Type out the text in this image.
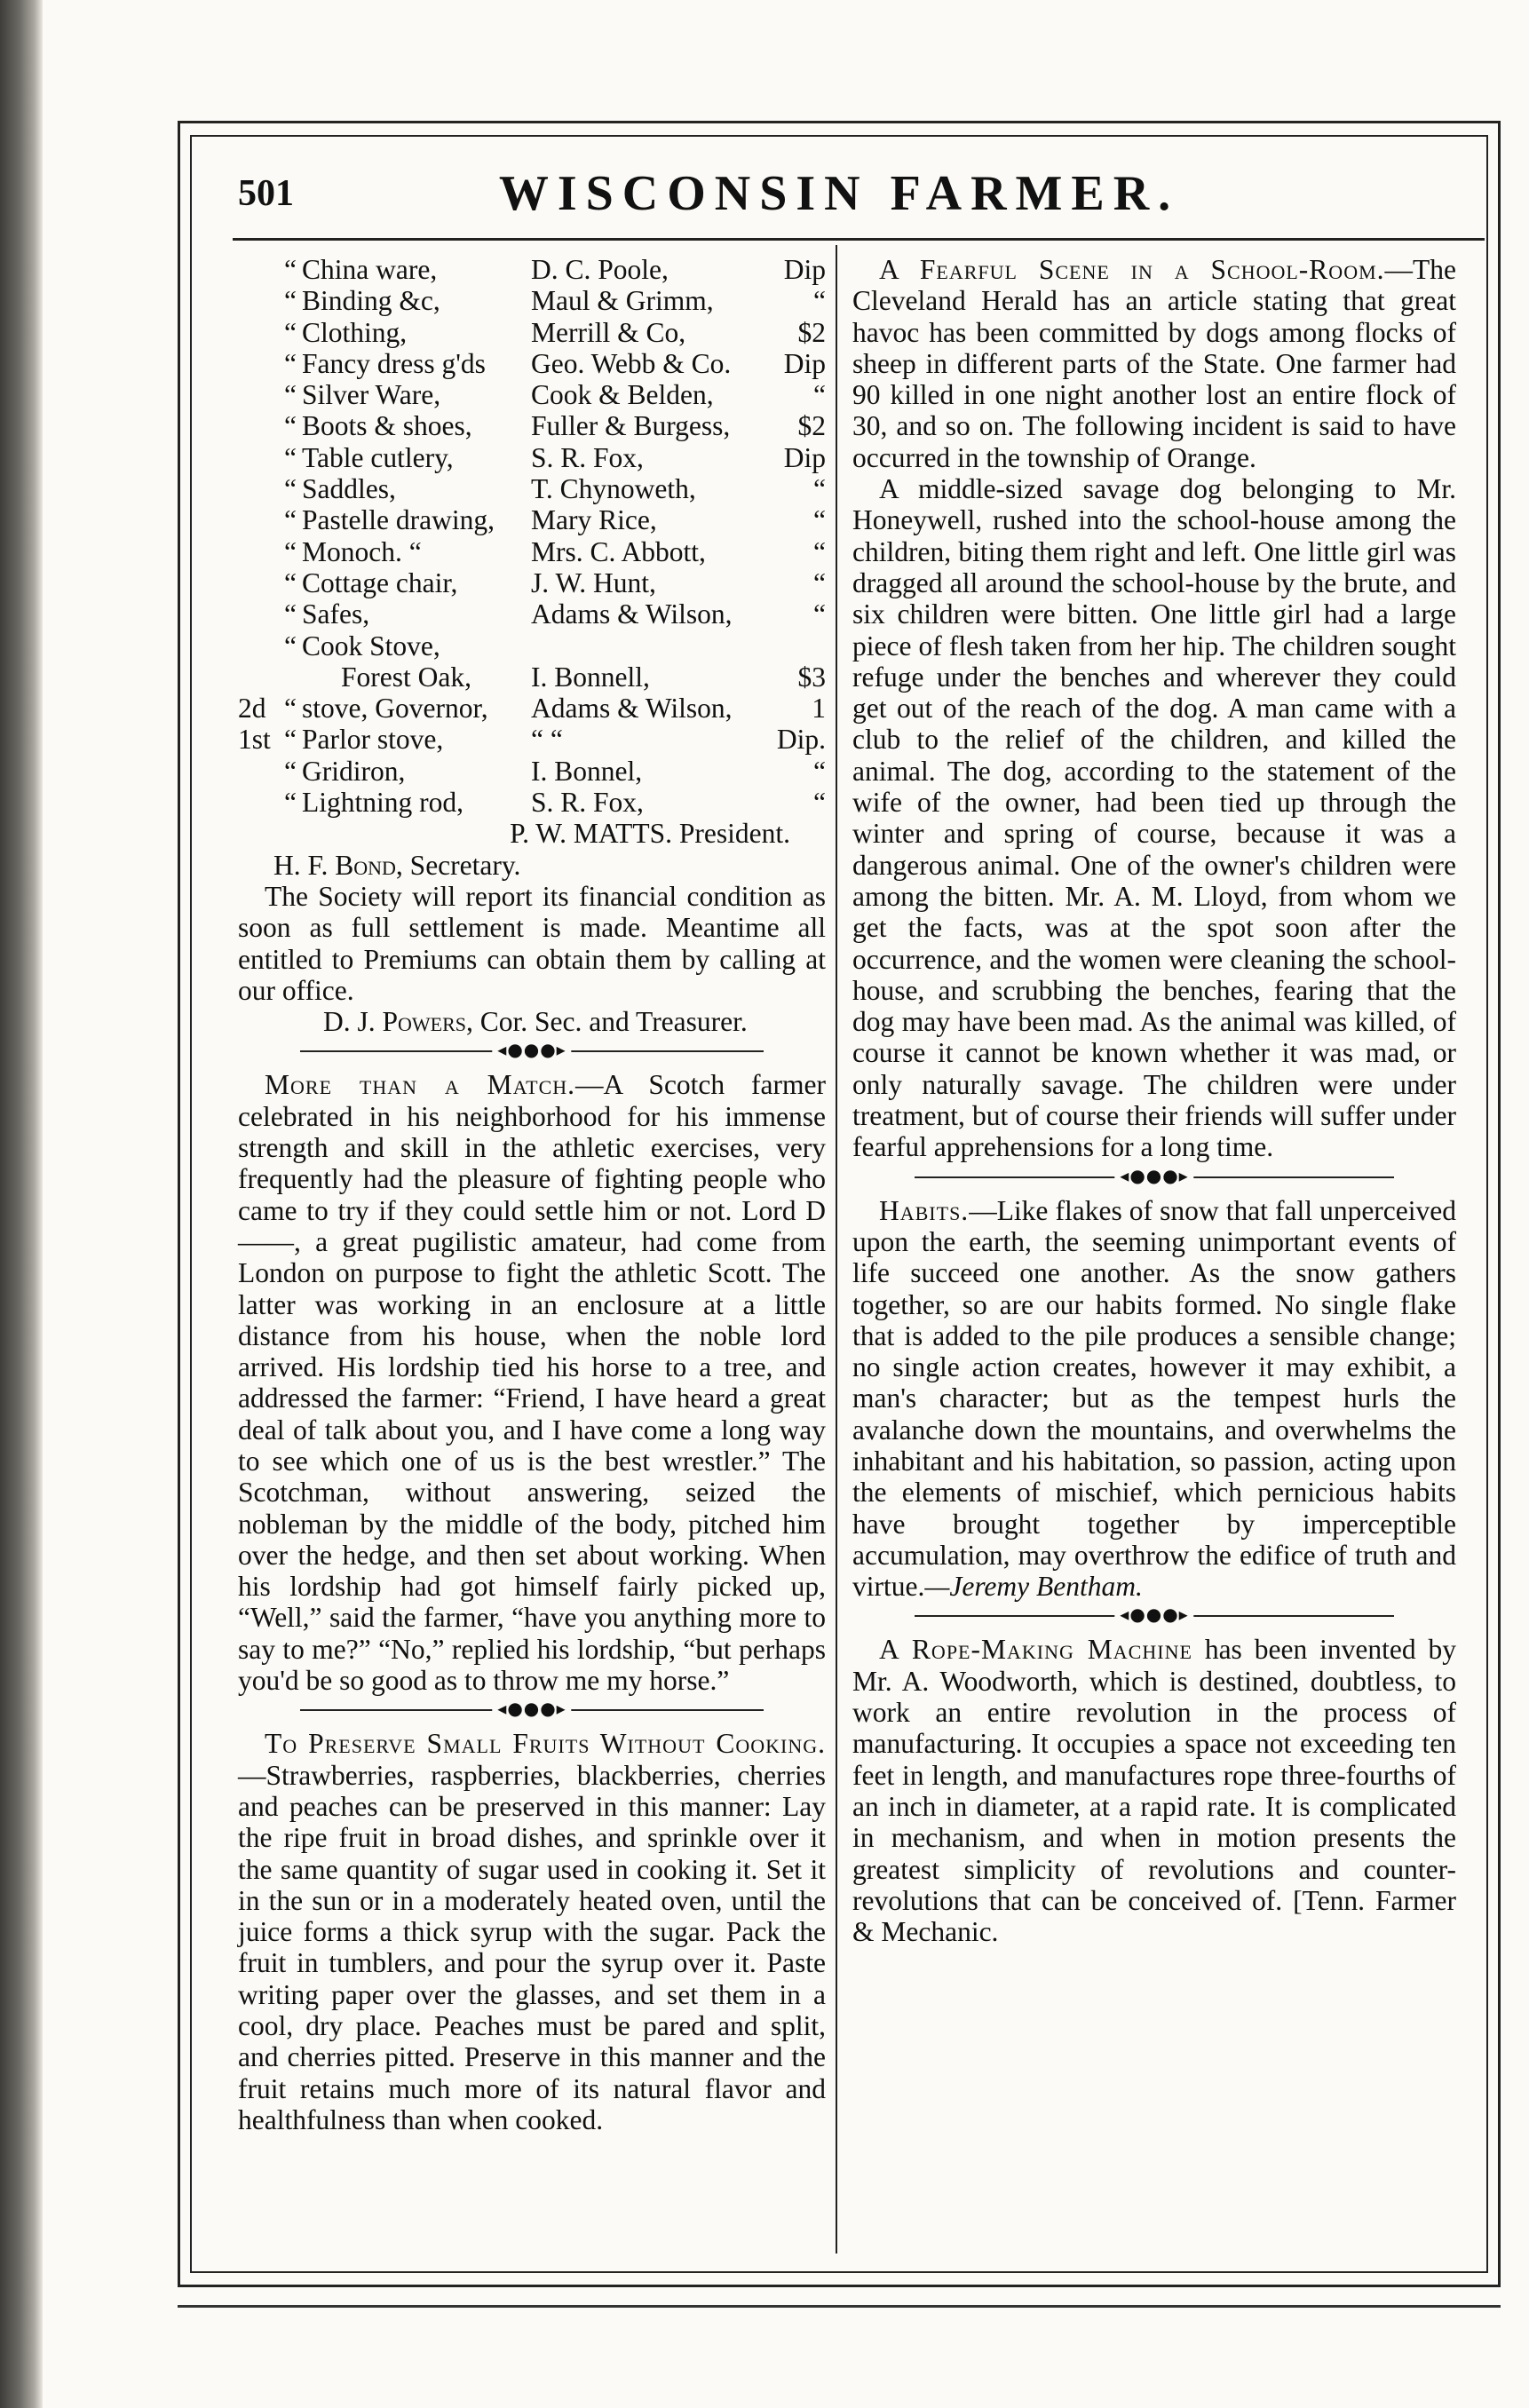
501	WISCONSIN FARMER.
	“	China ware,	D. C. Poole,	Dip
	“	Binding &c,	Maul & Grimm,	“
	“	Clothing,	Merrill & Co,	$2
	“	Fancy dress g'ds	Geo. Webb & Co.	Dip
	“	Silver Ware,	Cook & Belden,	“
	“	Boots & shoes,	Fuller & Burgess,	$2
	“	Table cutlery,	S. R. Fox,	Dip
	“	Saddles,	T. Chynoweth,	“
	“	Pastelle drawing,	Mary Rice,	“
	“	Monoch. “	Mrs. C. Abbott,	“
	“	Cottage chair,	J. W. Hunt,	“
	“	Safes,	Adams & Wilson,	“
	“	Cook Stove,		
		Forest Oak,	I. Bonnell,	$3
2d	“	stove, Governor,	Adams & Wilson,	1
1st	“	Parlor stove,	“ “	Dip.
	“	Gridiron,	I. Bonnel,	“
	“	Lightning rod,	S. R. Fox,	“
P. W. MATTS. President.
H. F. Bond, Secretary.

The Society will report its financial condition as soon as full settlement is made. Meantime all entitled to Premiums can obtain them by calling at our office.

D. J. Powers, Cor. Sec. and Treasurer.
◂●●●▸

More than a Match.—A Scotch farmer celebrated in his neighborhood for his immense strength and skill in the athletic exercises, very frequently had the pleasure of fighting people who came to try if they could settle him or not. Lord D——, a great pugilistic amateur, had come from London on purpose to fight the athletic Scott. The latter was working in an enclosure at a little distance from his house, when the noble lord arrived. His lordship tied his horse to a tree, and addressed the farmer: “Friend, I have heard a great deal of talk about you, and I have come a long way to see which one of us is the best wrestler.” The Scotchman, without answering, seized the nobleman by the middle of the body, pitched him over the hedge, and then set about working. When his lordship had got himself fairly picked up, “Well,” said the farmer, “have you anything more to say to me?” “No,” replied his lordship, “but perhaps you'd be so good as to throw me my horse.”

◂●●●▸

To Preserve Small Fruits Without Cooking.—Strawberries, raspberries, blackberries, cherries and peaches can be preserved in this manner: Lay the ripe fruit in broad dishes, and sprinkle over it the same quantity of sugar used in cooking it. Set it in the sun or in a moderately heated oven, until the juice forms a thick syrup with the sugar. Pack the fruit in tumblers, and pour the syrup over it. Paste writing paper over the glasses, and set them in a cool, dry place. Peaches must be pared and split, and cherries pitted. Preserve in this manner and the fruit retains much more of its natural flavor and healthfulness than when cooked.

A Fearful Scene in a School-Room.—The Cleveland Herald has an article stating that great havoc has been committed by dogs among flocks of sheep in different parts of the State. One farmer had 90 killed in one night another lost an entire flock of 30, and so on. The following incident is said to have occurred in the township of Orange.

A middle-sized savage dog belonging to Mr. Honeywell, rushed into the school-house among the children, biting them right and left. One little girl was dragged all around the school-house by the brute, and six children were bitten. One little girl had a large piece of flesh taken from her hip. The children sought refuge under the benches and wherever they could get out of the reach of the dog. A man came with a club to the relief of the children, and killed the animal. The dog, according to the statement of the wife of the owner, had been tied up through the winter and spring of course, because it was a dangerous animal. One of the owner's children were among the bitten. Mr. A. M. Lloyd, from whom we get the facts, was at the spot soon after the occurrence, and the women were cleaning the school-house, and scrubbing the benches, fearing that the dog may have been mad. As the animal was killed, of course it cannot be known whether it was mad, or only naturally savage. The children were under treatment, but of course their friends will suffer under fearful apprehensions for a long time.

◂●●●▸

Habits.—Like flakes of snow that fall unperceived upon the earth, the seeming unimportant events of life succeed one another. As the snow gathers together, so are our habits formed. No single flake that is added to the pile produces a sensible change; no single action creates, however it may exhibit, a man's character; but as the tempest hurls the avalanche down the mountains, and overwhelms the inhabitant and his habitation, so passion, acting upon the elements of mischief, which pernicious habits have brought together by imperceptible accumulation, may overthrow the edifice of truth and virtue.—Jeremy Bentham.

◂●●●▸

A Rope-Making Machine has been invented by Mr. A. Woodworth, which is destined, doubtless, to work an entire revolution in the process of manufacturing. It occupies a space not exceeding ten feet in length, and manufactures rope three-fourths of an inch in diameter, at a rapid rate. It is complicated in mechanism, and when in motion presents the greatest simplicity of revolutions and counter-revolutions that can be conceived of. [Tenn. Farmer & Mechanic.
